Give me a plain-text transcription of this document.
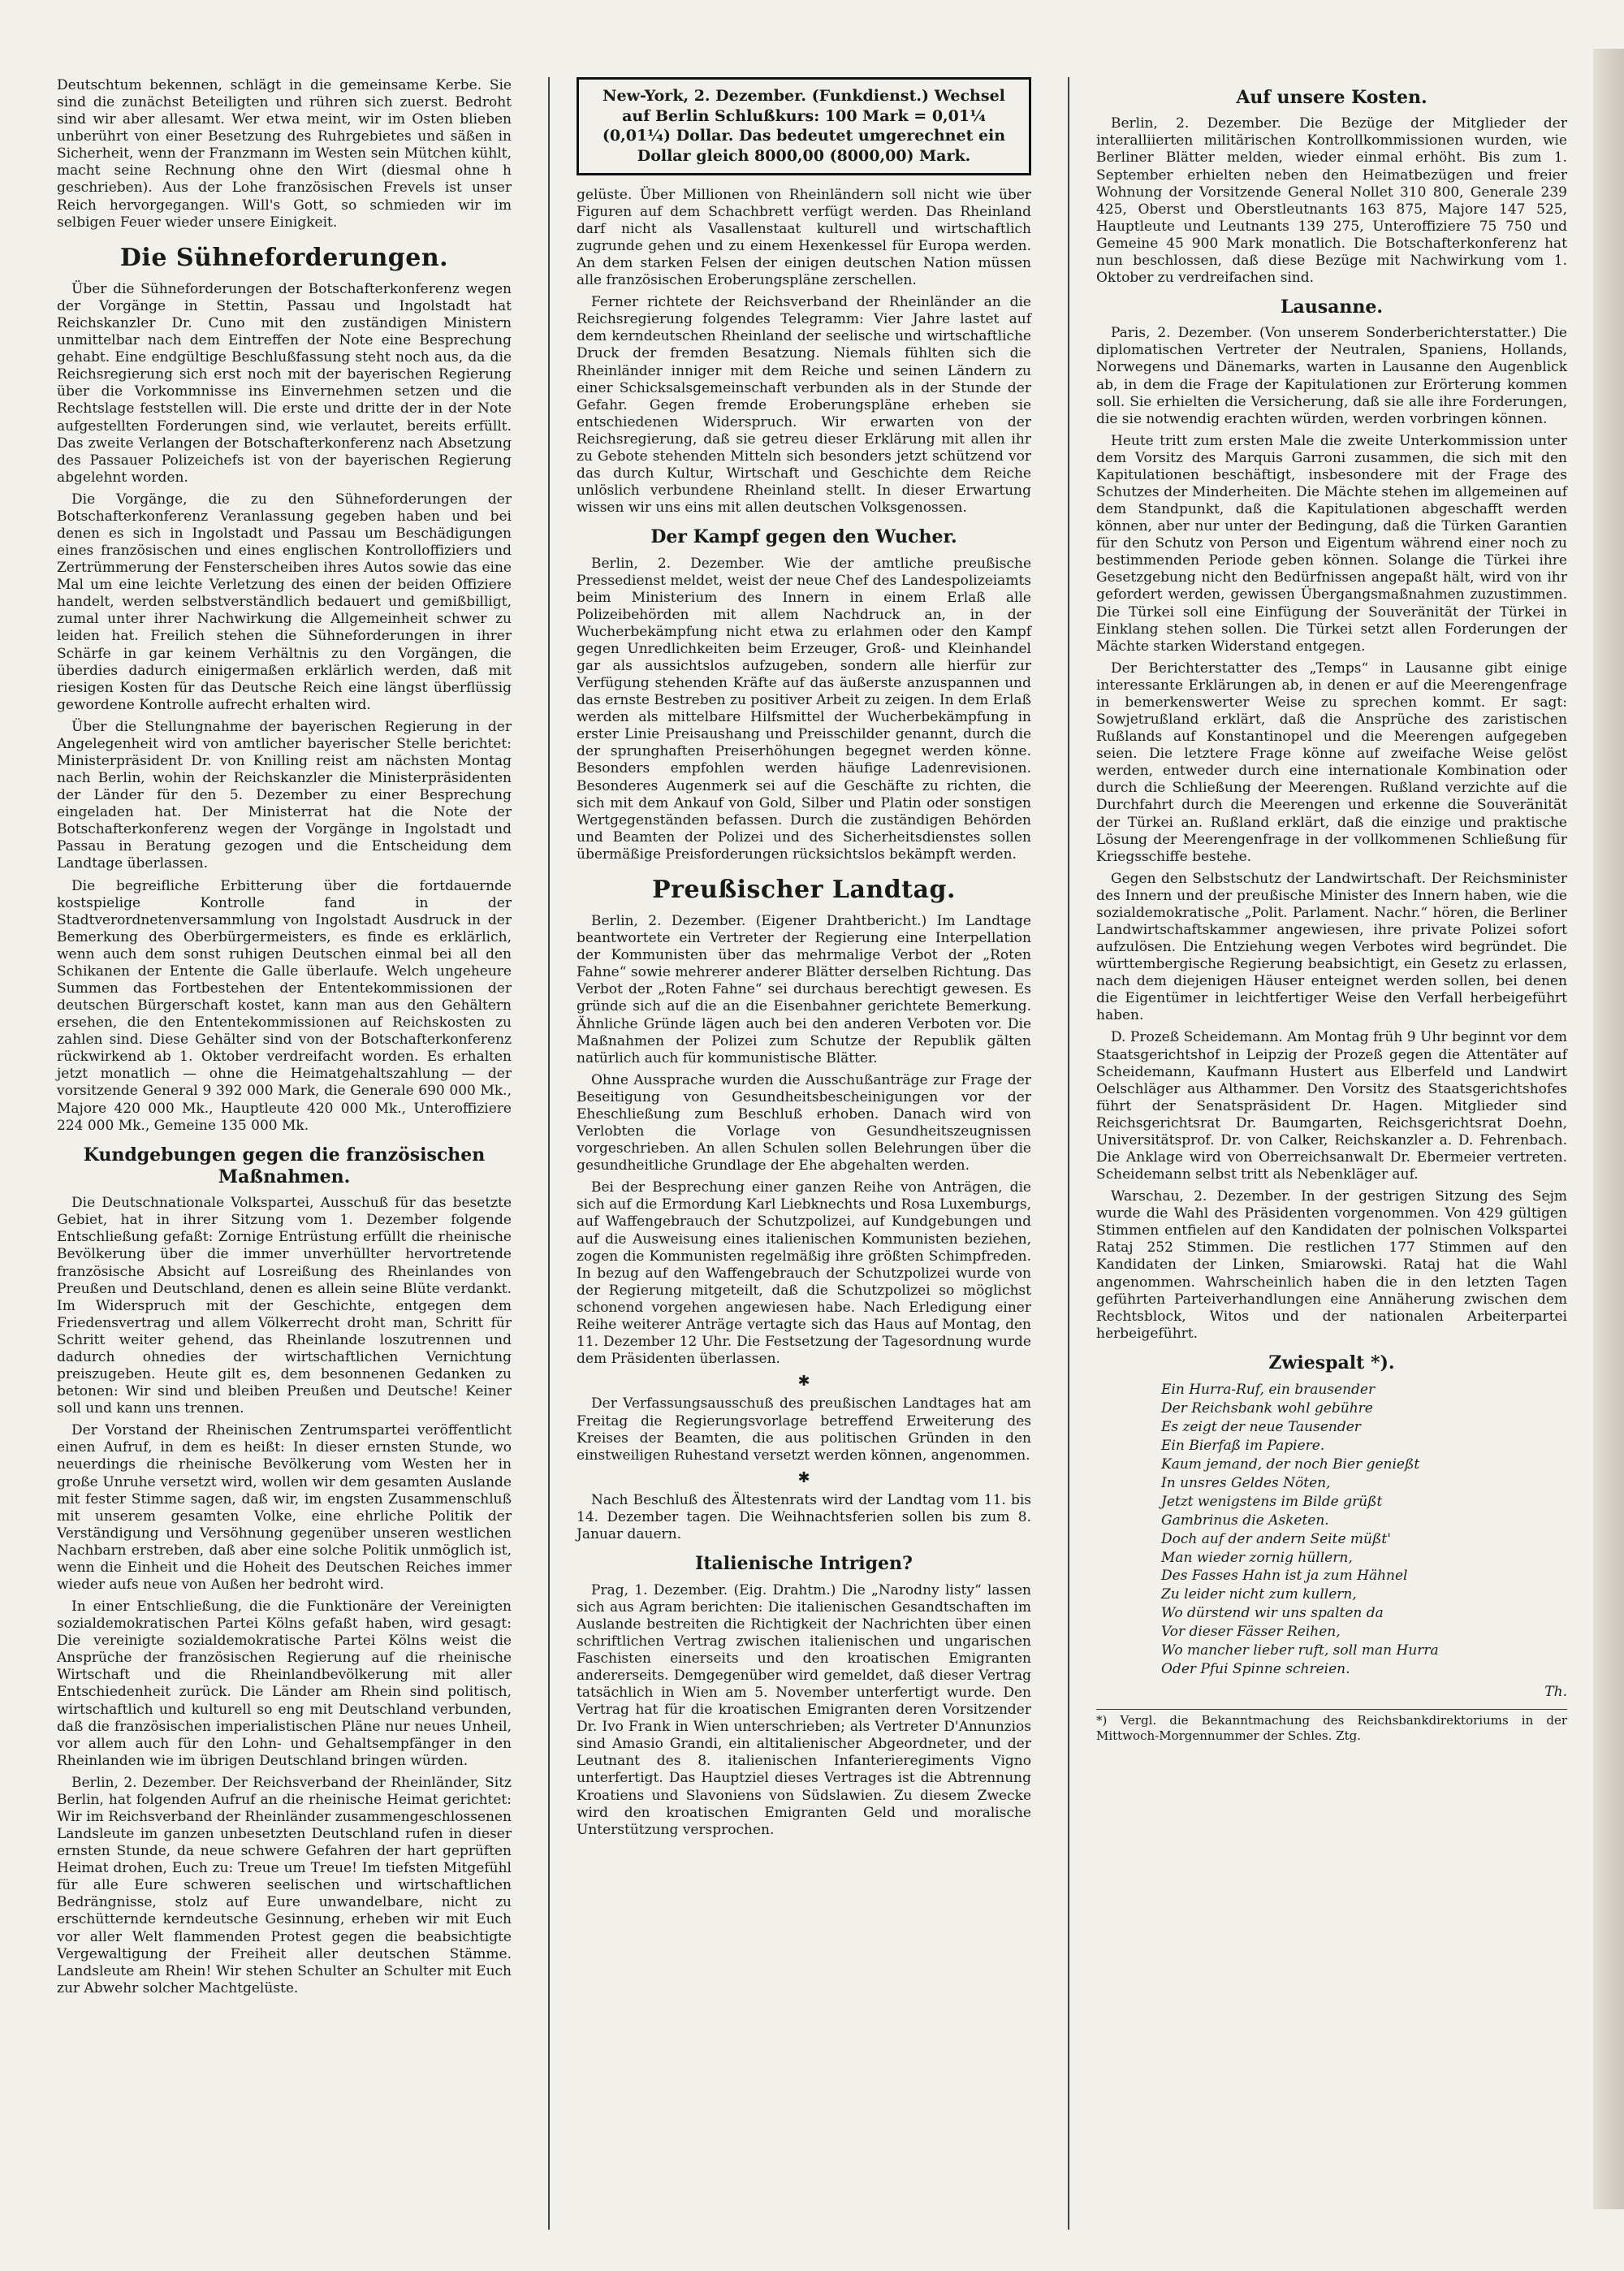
Deutschtum bekennen, schlägt in die gemeinsame Kerbe. Sie sind die zunächst Beteiligten und rühren sich zuerst. Bedroht sind wir aber allesamt. Wer etwa meint, wir im Osten blieben unberührt von einer Besetzung des Ruhrgebietes und säßen in Sicherheit, wenn der Franzmann im Westen sein Mütchen kühlt, macht seine Rechnung ohne den Wirt (diesmal ohne h geschrieben). Aus der Lohe französischen Frevels ist unser Reich hervorgegangen. Will's Gott, so schmieden wir im selbigen Feuer wieder unsere Einigkeit.

Die Sühneforderungen.

Über die Sühneforderungen der Botschafterkonferenz wegen der Vorgänge in Stettin, Passau und Ingolstadt hat Reichskanzler Dr. Cuno mit den zuständigen Ministern unmittelbar nach dem Eintreffen der Note eine Besprechung gehabt. Eine endgültige Beschlußfassung steht noch aus, da die Reichsregierung sich erst noch mit der bayerischen Regierung über die Vorkommnisse ins Einvernehmen setzen und die Rechtslage feststellen will. Die erste und dritte der in der Note aufgestellten Forderungen sind, wie verlautet, bereits erfüllt. Das zweite Verlangen der Botschafterkonferenz nach Absetzung des Passauer Polizeichefs ist von der bayerischen Regierung abgelehnt worden.

Die Vorgänge, die zu den Sühneforderungen der Botschafterkonferenz Veranlassung gegeben haben und bei denen es sich in Ingolstadt und Passau um Beschädigungen eines französischen und eines englischen Kontrolloffiziers und Zertrümmerung der Fensterscheiben ihres Autos sowie das eine Mal um eine leichte Verletzung des einen der beiden Offiziere handelt, werden selbstverständlich bedauert und gemißbilligt, zumal unter ihrer Nachwirkung die Allgemeinheit schwer zu leiden hat. Freilich stehen die Sühneforderungen in ihrer Schärfe in gar keinem Verhältnis zu den Vorgängen, die überdies dadurch einigermaßen erklärlich werden, daß mit riesigen Kosten für das Deutsche Reich eine längst überflüssig gewordene Kontrolle aufrecht erhalten wird.

Über die Stellungnahme der bayerischen Regierung in der Angelegenheit wird von amtlicher bayerischer Stelle berichtet: Ministerpräsident Dr. von Knilling reist am nächsten Montag nach Berlin, wohin der Reichskanzler die Ministerpräsidenten der Länder für den 5. Dezember zu einer Besprechung eingeladen hat. Der Ministerrat hat die Note der Botschafterkonferenz wegen der Vorgänge in Ingolstadt und Passau in Beratung gezogen und die Entscheidung dem Landtage überlassen.

Die begreifliche Erbitterung über die fortdauernde kostspielige Kontrolle fand in der Stadtverordnetenversammlung von Ingolstadt Ausdruck in der Bemerkung des Oberbürgermeisters, es finde es erklärlich, wenn auch dem sonst ruhigen Deutschen einmal bei all den Schikanen der Entente die Galle überlaufe. Welch ungeheure Summen das Fortbestehen der Ententekommissionen der deutschen Bürgerschaft kostet, kann man aus den Gehältern ersehen, die den Ententekommissionen auf Reichskosten zu zahlen sind. Diese Gehälter sind von der Botschafterkonferenz rückwirkend ab 1. Oktober verdreifacht worden. Es erhalten jetzt monatlich — ohne die Heimatgehaltszahlung — der vorsitzende General 9 392 000 Mark, die Generale 690 000 Mk., Majore 420 000 Mk., Hauptleute 420 000 Mk., Unteroffiziere 224 000 Mk., Gemeine 135 000 Mk.

Kundgebungen gegen die französischen Maßnahmen.

Die Deutschnationale Volkspartei, Ausschuß für das besetzte Gebiet, hat in ihrer Sitzung vom 1. Dezember folgende Entschließung gefaßt: Zornige Entrüstung erfüllt die rheinische Bevölkerung über die immer unverhüllter hervortretende französische Absicht auf Losreißung des Rheinlandes von Preußen und Deutschland, denen es allein seine Blüte verdankt. Im Widerspruch mit der Geschichte, entgegen dem Friedensvertrag und allem Völkerrecht droht man, Schritt für Schritt weiter gehend, das Rheinlande loszutrennen und dadurch ohnedies der wirtschaftlichen Vernichtung preiszugeben. Heute gilt es, dem besonnenen Gedanken zu betonen: Wir sind und bleiben Preußen und Deutsche! Keiner soll und kann uns trennen.

Der Vorstand der Rheinischen Zentrumspartei veröffentlicht einen Aufruf, in dem es heißt: In dieser ernsten Stunde, wo neuerdings die rheinische Bevölkerung vom Westen her in große Unruhe versetzt wird, wollen wir dem gesamten Auslande mit fester Stimme sagen, daß wir, im engsten Zusammenschluß mit unserem gesamten Volke, eine ehrliche Politik der Verständigung und Versöhnung gegenüber unseren westlichen Nachbarn erstreben, daß aber eine solche Politik unmöglich ist, wenn die Einheit und die Hoheit des Deutschen Reiches immer wieder aufs neue von Außen her bedroht wird.

In einer Entschließung, die die Funktionäre der Vereinigten sozialdemokratischen Partei Kölns gefaßt haben, wird gesagt: Die vereinigte sozialdemokratische Partei Kölns weist die Ansprüche der französischen Regierung auf die rheinische Wirtschaft und die Rheinlandbevölkerung mit aller Entschiedenheit zurück. Die Länder am Rhein sind politisch, wirtschaftlich und kulturell so eng mit Deutschland verbunden, daß die französischen imperialistischen Pläne nur neues Unheil, vor allem auch für den Lohn- und Gehaltsempfänger in den Rheinlanden wie im übrigen Deutschland bringen würden.

Berlin, 2. Dezember. Der Reichsverband der Rheinländer, Sitz Berlin, hat folgenden Aufruf an die rheinische Heimat gerichtet: Wir im Reichsverband der Rheinländer zusammengeschlossenen Landsleute im ganzen unbesetzten Deutschland rufen in dieser ernsten Stunde, da neue schwere Gefahren der hart geprüften Heimat drohen, Euch zu: Treue um Treue! Im tiefsten Mitgefühl für alle Eure schweren seelischen und wirtschaftlichen Bedrängnisse, stolz auf Eure unwandelbare, nicht zu erschütternde kerndeutsche Gesinnung, erheben wir mit Euch vor aller Welt flammenden Protest gegen die beabsichtigte Vergewaltigung der Freiheit aller deutschen Stämme. Landsleute am Rhein! Wir stehen Schulter an Schulter mit Euch zur Abwehr solcher Machtgelüste.

New-York, 2. Dezember. (Funkdienst.) Wechsel auf Berlin Schlußkurs: 100 Mark = 0,01¼ (0,01¼) Dollar. Das bedeutet umgerechnet ein Dollar gleich 8000,00 (8000,00) Mark.

gelüste. Über Millionen von Rheinländern soll nicht wie über Figuren auf dem Schachbrett verfügt werden. Das Rheinland darf nicht als Vasallenstaat kulturell und wirtschaftlich zugrunde gehen und zu einem Hexenkessel für Europa werden. An dem starken Felsen der einigen deutschen Nation müssen alle französischen Eroberungspläne zerschellen.

Ferner richtete der Reichsverband der Rheinländer an die Reichsregierung folgendes Telegramm: Vier Jahre lastet auf dem kerndeutschen Rheinland der seelische und wirtschaftliche Druck der fremden Besatzung. Niemals fühlten sich die Rheinländer inniger mit dem Reiche und seinen Ländern zu einer Schicksalsgemeinschaft verbunden als in der Stunde der Gefahr. Gegen fremde Eroberungspläne erheben sie entschiedenen Widerspruch. Wir erwarten von der Reichsregierung, daß sie getreu dieser Erklärung mit allen ihr zu Gebote stehenden Mitteln sich besonders jetzt schützend vor das durch Kultur, Wirtschaft und Geschichte dem Reiche unlöslich verbundene Rheinland stellt. In dieser Erwartung wissen wir uns eins mit allen deutschen Volksgenossen.

Der Kampf gegen den Wucher.

Berlin, 2. Dezember. Wie der amtliche preußische Pressedienst meldet, weist der neue Chef des Landespolizeiamts beim Ministerium des Innern in einem Erlaß alle Polizeibehörden mit allem Nachdruck an, in der Wucherbekämpfung nicht etwa zu erlahmen oder den Kampf gegen Unredlichkeiten beim Erzeuger, Groß- und Kleinhandel gar als aussichtslos aufzugeben, sondern alle hierfür zur Verfügung stehenden Kräfte auf das äußerste anzuspannen und das ernste Bestreben zu positiver Arbeit zu zeigen. In dem Erlaß werden als mittelbare Hilfsmittel der Wucherbekämpfung in erster Linie Preisaushang und Preisschilder genannt, durch die der sprunghaften Preiserhöhungen begegnet werden könne. Besonders empfohlen werden häufige Ladenrevisionen. Besonderes Augenmerk sei auf die Geschäfte zu richten, die sich mit dem Ankauf von Gold, Silber und Platin oder sonstigen Wertgegenständen befassen. Durch die zuständigen Behörden und Beamten der Polizei und des Sicherheitsdienstes sollen übermäßige Preisforderungen rücksichtslos bekämpft werden.

Preußischer Landtag.

Berlin, 2. Dezember. (Eigener Drahtbericht.) Im Landtage beantwortete ein Vertreter der Regierung eine Interpellation der Kommunisten über das mehrmalige Verbot der „Roten Fahne“ sowie mehrerer anderer Blätter derselben Richtung. Das Verbot der „Roten Fahne“ sei durchaus berechtigt gewesen. Es gründe sich auf die an die Eisenbahner gerichtete Bemerkung. Ähnliche Gründe lägen auch bei den anderen Verboten vor. Die Maßnahmen der Polizei zum Schutze der Republik gälten natürlich auch für kommunistische Blätter.

Ohne Aussprache wurden die Ausschußanträge zur Frage der Beseitigung von Gesundheitsbescheinigungen vor der Eheschließung zum Beschluß erhoben. Danach wird von Verlobten die Vorlage von Gesundheitszeugnissen vorgeschrieben. An allen Schulen sollen Belehrungen über die gesundheitliche Grundlage der Ehe abgehalten werden.

Bei der Besprechung einer ganzen Reihe von Anträgen, die sich auf die Ermordung Karl Liebknechts und Rosa Luxemburgs, auf Waffengebrauch der Schutzpolizei, auf Kundgebungen und auf die Ausweisung eines italienischen Kommunisten beziehen, zogen die Kommunisten regelmäßig ihre größten Schimpfreden. In bezug auf den Waffengebrauch der Schutzpolizei wurde von der Regierung mitgeteilt, daß die Schutzpolizei so möglichst schonend vorgehen angewiesen habe. Nach Erledigung einer Reihe weiterer Anträge vertagte sich das Haus auf Montag, den 11. Dezember 12 Uhr. Die Festsetzung der Tagesordnung wurde dem Präsidenten überlassen.

✱

Der Verfassungsausschuß des preußischen Landtages hat am Freitag die Regierungsvorlage betreffend Erweiterung des Kreises der Beamten, die aus politischen Gründen in den einstweiligen Ruhestand versetzt werden können, angenommen.

✱

Nach Beschluß des Ältestenrats wird der Landtag vom 11. bis 14. Dezember tagen. Die Weihnachtsferien sollen bis zum 8. Januar dauern.

Italienische Intrigen?

Prag, 1. Dezember. (Eig. Drahtm.) Die „Narodny listy“ lassen sich aus Agram berichten: Die italienischen Gesandtschaften im Auslande bestreiten die Richtigkeit der Nachrichten über einen schriftlichen Vertrag zwischen italienischen und ungarischen Faschisten einerseits und den kroatischen Emigranten andererseits. Demgegenüber wird gemeldet, daß dieser Vertrag tatsächlich in Wien am 5. November unterfertigt wurde. Den Vertrag hat für die kroatischen Emigranten deren Vorsitzender Dr. Ivo Frank in Wien unterschrieben; als Vertreter D'Annunzios sind Amasio Grandi, ein altitalienischer Abgeordneter, und der Leutnant des 8. italienischen Infanterieregiments Vigno unterfertigt. Das Hauptziel dieses Vertrages ist die Abtrennung Kroatiens und Slavoniens von Südslawien. Zu diesem Zwecke wird den kroatischen Emigranten Geld und moralische Unterstützung versprochen.

Auf unsere Kosten.

Berlin, 2. Dezember. Die Bezüge der Mitglieder der interalliierten militärischen Kontrollkommissionen wurden, wie Berliner Blätter melden, wieder einmal erhöht. Bis zum 1. September erhielten neben den Heimatbezügen und freier Wohnung der Vorsitzende General Nollet 310 800, Generale 239 425, Oberst und Oberstleutnants 163 875, Majore 147 525, Hauptleute und Leutnants 139 275, Unteroffiziere 75 750 und Gemeine 45 900 Mark monatlich. Die Botschafterkonferenz hat nun beschlossen, daß diese Bezüge mit Nachwirkung vom 1. Oktober zu verdreifachen sind.

Lausanne.

Paris, 2. Dezember. (Von unserem Sonderberichterstatter.) Die diplomatischen Vertreter der Neutralen, Spaniens, Hollands, Norwegens und Dänemarks, warten in Lausanne den Augenblick ab, in dem die Frage der Kapitulationen zur Erörterung kommen soll. Sie erhielten die Versicherung, daß sie alle ihre Forderungen, die sie notwendig erachten würden, werden vorbringen können.

Heute tritt zum ersten Male die zweite Unterkommission unter dem Vorsitz des Marquis Garroni zusammen, die sich mit den Kapitulationen beschäftigt, insbesondere mit der Frage des Schutzes der Minderheiten. Die Mächte stehen im allgemeinen auf dem Standpunkt, daß die Kapitulationen abgeschafft werden können, aber nur unter der Bedingung, daß die Türken Garantien für den Schutz von Person und Eigentum während einer noch zu bestimmenden Periode geben können. Solange die Türkei ihre Gesetzgebung nicht den Bedürfnissen angepaßt hält, wird von ihr gefordert werden, gewissen Übergangsmaßnahmen zuzustimmen. Die Türkei soll eine Einfügung der Souveränität der Türkei in Einklang stehen sollen. Die Türkei setzt allen Forderungen der Mächte starken Widerstand entgegen.

Der Berichterstatter des „Temps“ in Lausanne gibt einige interessante Erklärungen ab, in denen er auf die Meerengenfrage in bemerkenswerter Weise zu sprechen kommt. Er sagt: Sowjetrußland erklärt, daß die Ansprüche des zaristischen Rußlands auf Konstantinopel und die Meerengen aufgegeben seien. Die letztere Frage könne auf zweifache Weise gelöst werden, entweder durch eine internationale Kombination oder durch die Schließung der Meerengen. Rußland verzichte auf die Durchfahrt durch die Meerengen und erkenne die Souveränität der Türkei an. Rußland erklärt, daß die einzige und praktische Lösung der Meerengenfrage in der vollkommenen Schließung für Kriegsschiffe bestehe.

Gegen den Selbstschutz der Landwirtschaft. Der Reichsminister des Innern und der preußische Minister des Innern haben, wie die sozialdemokratische „Polit. Parlament. Nachr.“ hören, die Berliner Landwirtschaftskammer angewiesen, ihre private Polizei sofort aufzulösen. Die Entziehung wegen Verbotes wird begründet. Die württembergische Regierung beabsichtigt, ein Gesetz zu erlassen, nach dem diejenigen Häuser enteignet werden sollen, bei denen die Eigentümer in leichtfertiger Weise den Verfall herbeigeführt haben.

D. Prozeß Scheidemann. Am Montag früh 9 Uhr beginnt vor dem Staatsgerichtshof in Leipzig der Prozeß gegen die Attentäter auf Scheidemann, Kaufmann Hustert aus Elberfeld und Landwirt Oelschläger aus Althammer. Den Vorsitz des Staatsgerichtshofes führt der Senatspräsident Dr. Hagen. Mitglieder sind Reichsgerichtsrat Dr. Baumgarten, Reichsgerichtsrat Doehn, Universitätsprof. Dr. von Calker, Reichskanzler a. D. Fehrenbach. Die Anklage wird von Oberreichsanwalt Dr. Ebermeier vertreten. Scheidemann selbst tritt als Nebenkläger auf.

Warschau, 2. Dezember. In der gestrigen Sitzung des Sejm wurde die Wahl des Präsidenten vorgenommen. Von 429 gültigen Stimmen entfielen auf den Kandidaten der polnischen Volkspartei Rataj 252 Stimmen. Die restlichen 177 Stimmen auf den Kandidaten der Linken, Smiarowski. Rataj hat die Wahl angenommen. Wahrscheinlich haben die in den letzten Tagen geführten Parteiverhandlungen eine Annäherung zwischen dem Rechtsblock, Witos und der nationalen Arbeiterpartei herbeigeführt.

Zwiespalt *).
Ein Hurra-Ruf, ein brausender
Der Reichsbank wohl gebühre
Es zeigt der neue Tausender
Ein Bierfaß im Papiere.
Kaum jemand, der noch Bier genießt
In unsres Geldes Nöten,
Jetzt wenigstens im Bilde grüßt
Gambrinus die Asketen.
Doch auf der andern Seite müßt'
Man wieder zornig hüllern,
Des Fasses Hahn ist ja zum Hähnel
Zu leider nicht zum kullern,
Wo dürstend wir uns spalten da
Vor dieser Fässer Reihen,
Wo mancher lieber ruft, soll man Hurra
Oder Pfui Spinne schreien.
Th.
*) Vergl. die Bekanntmachung des Reichsbankdirektoriums in der Mittwoch-Morgennummer der Schles. Ztg.
